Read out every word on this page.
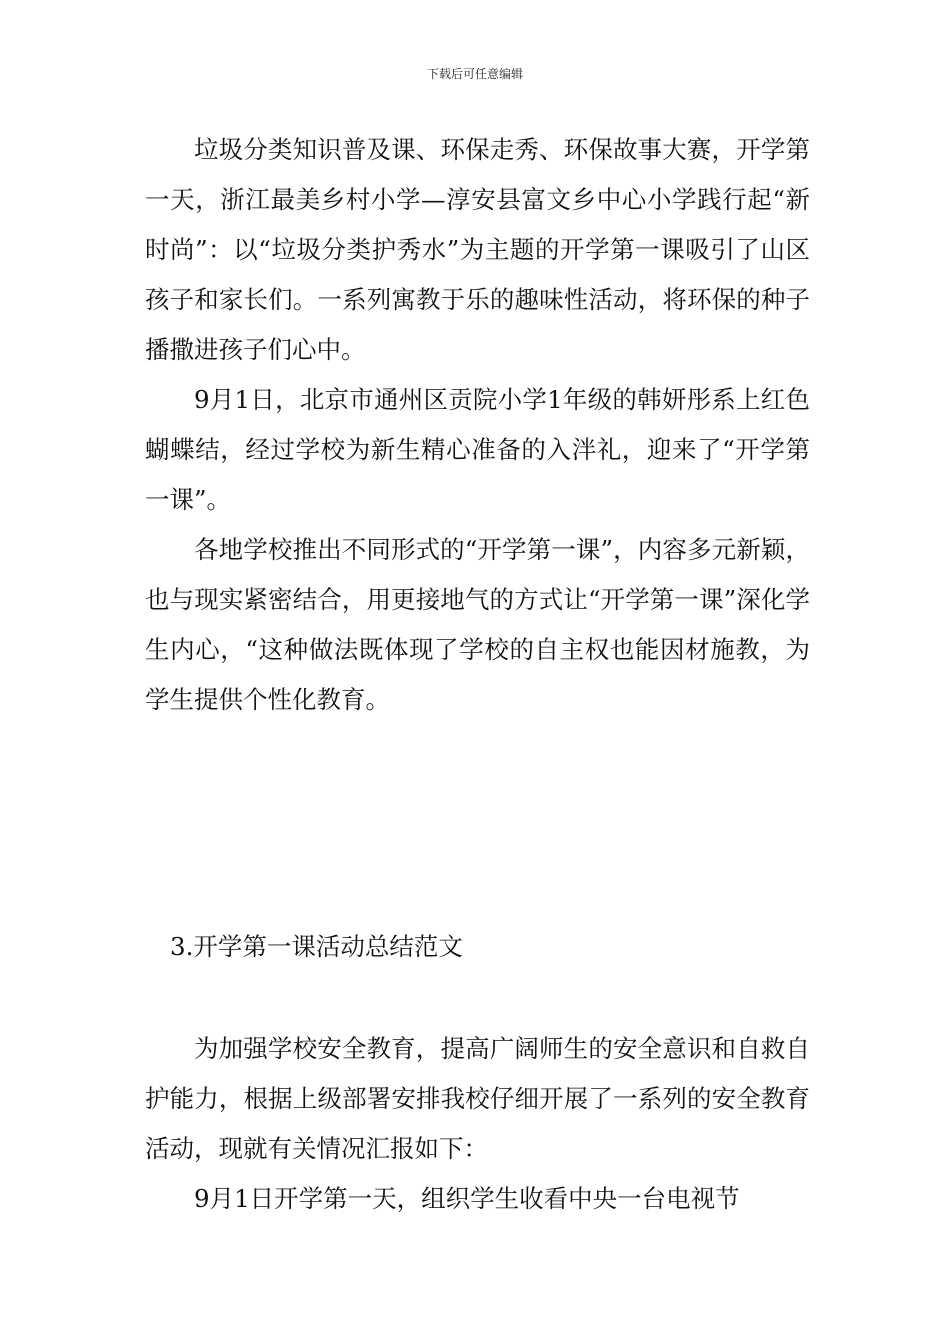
下载后可任意编辑

垃圾分类知识普及课、环保走秀、环保故事大赛，开学第一天，浙江最美乡村小学—淳安县富文乡中心小学践行起“新时尚”：以“垃圾分类护秀水”为主题的开学第一课吸引了山区孩子和家长们。一系列寓教于乐的趣味性活动，将环保的种子播撒进孩子们心中。

9月1日，北京市通州区贡院小学1年级的韩妍彤系上红色蝴蝶结，经过学校为新生精心准备的入泮礼，迎来了“开学第一课”。

各地学校推出不同形式的“开学第一课”，内容多元新颖，也与现实紧密结合，用更接地气的方式让“开学第一课”深化学生内心，“这种做法既体现了学校的自主权也能因材施教，为学生提供个性化教育。

3.开学第一课活动总结范文

为加强学校安全教育，提高广阔师生的安全意识和自救自护能力，根据上级部署安排我校仔细开展了一系列的安全教育活动，现就有关情况汇报如下：

9月1日开学第一天，组织学生收看中央一台电视节
